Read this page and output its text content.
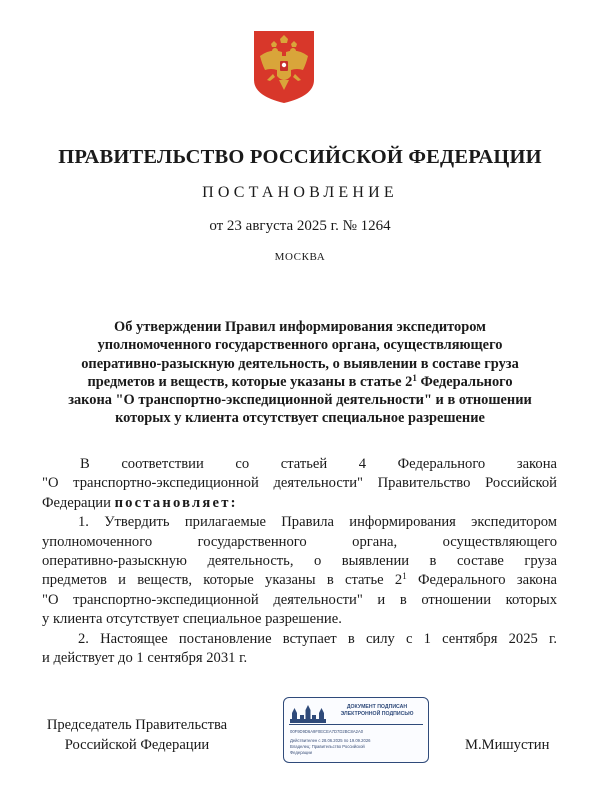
ПРАВИТЕЛЬСТВО РОССИЙСКОЙ ФЕДЕРАЦИИ
ПОСТАНОВЛЕНИЕ
от 23 августа 2025 г. № 1264
МОСКВА
Об утверждении Правил информирования экспедитором
уполномоченного государственного органа, осуществляющего
оперативно-разыскную деятельность, о выявлении в составе груза
предметов и веществ, которые указаны в статье $2^1$ Федерального
закона "О транспортно-экспедиционной деятельности" и в отношении
которых у клиента отсутствует специальное разрешение
В соответствии со статьей 4 Федерального закона
"О транспортно-экспедиционной деятельности" Правительство Российской
Федерации постановляет:
1. Утвердить прилагаемые Правила информирования экспедитором
уполномоченного государственного органа, осуществляющего
оперативно-разыскную деятельность, о выявлении в составе груза
предметов и веществ, которые указаны в статье $2^1$ Федерального закона
"О транспортно-экспедиционной деятельности" и в отношении которых
у клиента отсутствует специальное разрешение.
2. Настоящее постановление вступает в силу с 1 сентября 2025 г.
и действует до 1 сентября 2031 г.
Председатель Правительства
Российской Федерации
ДОКУМЕНТ ПОДПИСАН
ЭЛЕКТРОННОЙ ПОДПИСЬЮ
00F9D9D6A9F0ECEA7D7D2BC8A2A0
Действителен с 28.06.2025 по 19.09.2026
Владелец: Правительство Российской
Федерации	М.Мишустин
